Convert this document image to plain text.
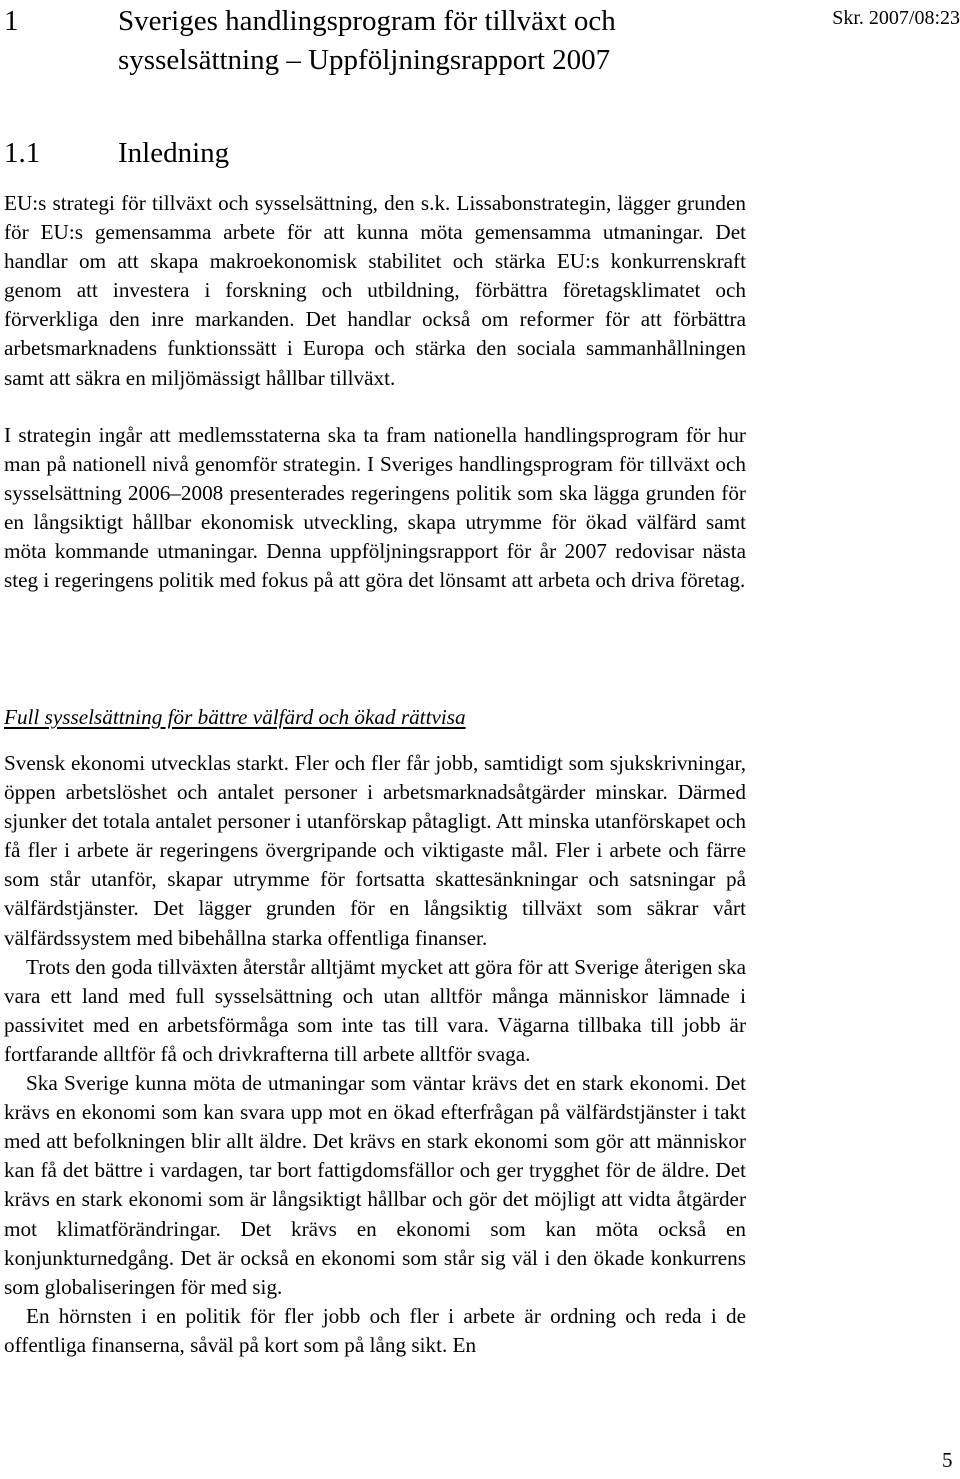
1	Sveriges handlingsprogram för tillväxt och sysselsättning – Uppföljningsrapport 2007
Skr. 2007/08:23
1.1	Inledning

EU:s strategi för tillväxt och sysselsättning, den s.k. Lissabonstrategin, lägger grunden för EU:s gemensamma arbete för att kunna möta gemensamma utmaningar. Det handlar om att skapa makroekonomisk stabilitet och stärka EU:s konkurrenskraft genom att investera i forskning och utbildning, förbättra företagsklimatet och förverkliga den inre markanden. Det handlar också om reformer för att förbättra arbetsmarknadens funktionssätt i Europa och stärka den sociala sammanhållningen samt att säkra en miljömässigt hållbar tillväxt.

I strategin ingår att medlemsstaterna ska ta fram nationella handlingsprogram för hur man på nationell nivå genomför strategin. I Sveriges handlingsprogram för tillväxt och sysselsättning 2006–2008 presenterades regeringens politik som ska lägga grunden för en långsiktigt hållbar ekonomisk utveckling, skapa utrymme för ökad välfärd samt möta kommande utmaningar. Denna uppföljningsrapport för år 2007 redovisar nästa steg i regeringens politik med fokus på att göra det lönsamt att arbeta och driva företag.

Full sysselsättning för bättre välfärd och ökad rättvisa

Svensk ekonomi utvecklas starkt. Fler och fler får jobb, samtidigt som sjukskrivningar, öppen arbetslöshet och antalet personer i arbetsmarknadsåtgärder minskar. Därmed sjunker det totala antalet personer i utanförskap påtagligt. Att minska utanförskapet och få fler i arbete är regeringens övergripande och viktigaste mål. Fler i arbete och färre som står utanför, skapar utrymme för fortsatta skattesänkningar och satsningar på välfärdstjänster. Det lägger grunden för en långsiktig tillväxt som säkrar vårt välfärdssystem med bibehållna starka offentliga finanser.

Trots den goda tillväxten återstår alltjämt mycket att göra för att Sverige återigen ska vara ett land med full sysselsättning och utan alltför många människor lämnade i passivitet med en arbetsförmåga som inte tas till vara. Vägarna tillbaka till jobb är fortfarande alltför få och drivkrafterna till arbete alltför svaga.

Ska Sverige kunna möta de utmaningar som väntar krävs det en stark ekonomi. Det krävs en ekonomi som kan svara upp mot en ökad efterfrågan på välfärdstjänster i takt med att befolkningen blir allt äldre. Det krävs en stark ekonomi som gör att människor kan få det bättre i vardagen, tar bort fattigdomsfällor och ger trygghet för de äldre. Det krävs en stark ekonomi som är långsiktigt hållbar och gör det möjligt att vidta åtgärder mot klimatförändringar. Det krävs en ekonomi som kan möta också en konjunkturnedgång. Det är också en ekonomi som står sig väl i den ökade konkurrens som globaliseringen för med sig.

En hörnsten i en politik för fler jobb och fler i arbete är ordning och reda i de offentliga finanserna, såväl på kort som på lång sikt. En

5
